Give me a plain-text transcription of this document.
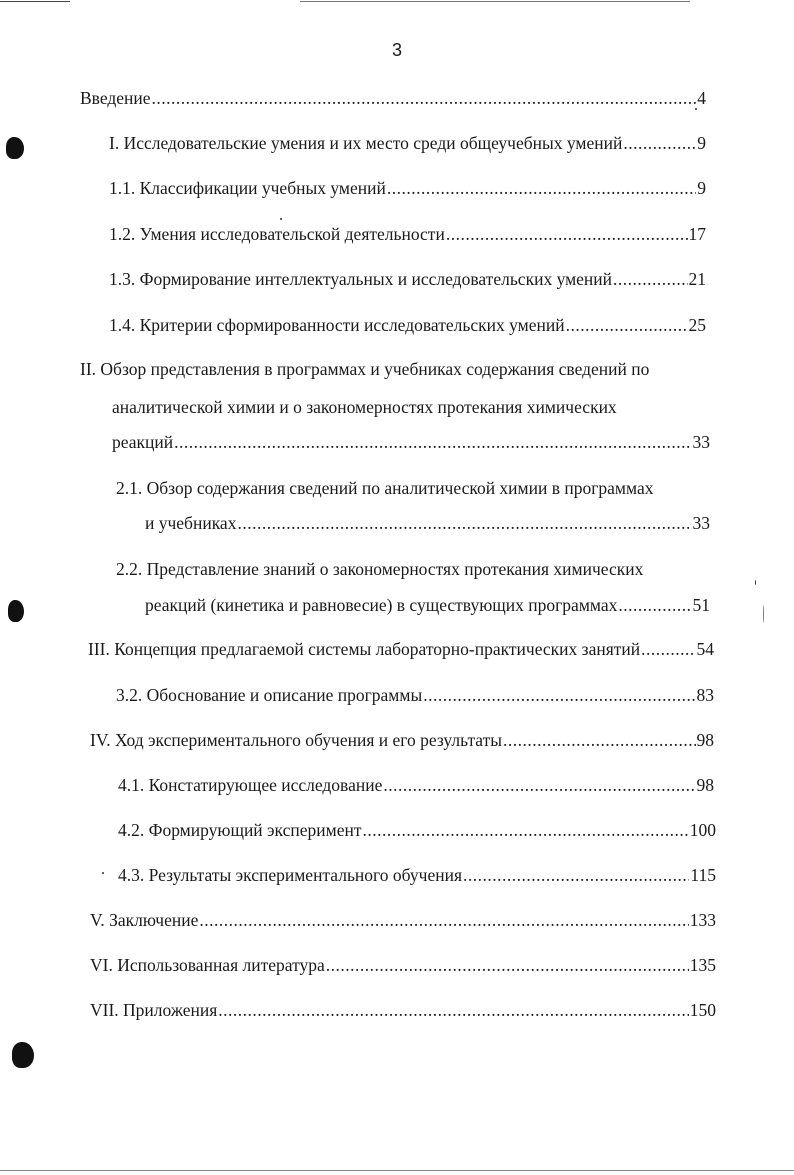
3
Введение .....	4
I. Исследовательские умения и их место среди общеучебных умений .....	9
1.1. Классификации учебных умений .....	9
1.2. Умения исследовательской деятельности .....	17
1.3. Формирование интеллектуальных и исследовательских умений .....	21
1.4. Критерии сформированности исследовательских умений .....	25
II. Обзор представления в программах и учебниках содержания сведений по
аналитической химии и о закономерностях протекания химических
реакций .....	33
2.1. Обзор содержания сведений по аналитической химии в программах
и учебниках .....	33
2.2. Представление знаний о закономерностях протекания химических
реакций (кинетика и равновесие) в существующих программах .....	51
III. Концепция предлагаемой системы лабораторно-практических занятий .....	54
3.2. Обоснование и описание программы .....	83
IV. Ход экспериментального обучения и его результаты .....	98
4.1. Констатирующее исследование .....	98
4.2. Формирующий эксперимент .....	100
4.3. Результаты экспериментального обучения .....	115
V. Заключение .....	133
VI. Использованная литература .....	135
VII. Приложения .....	150
